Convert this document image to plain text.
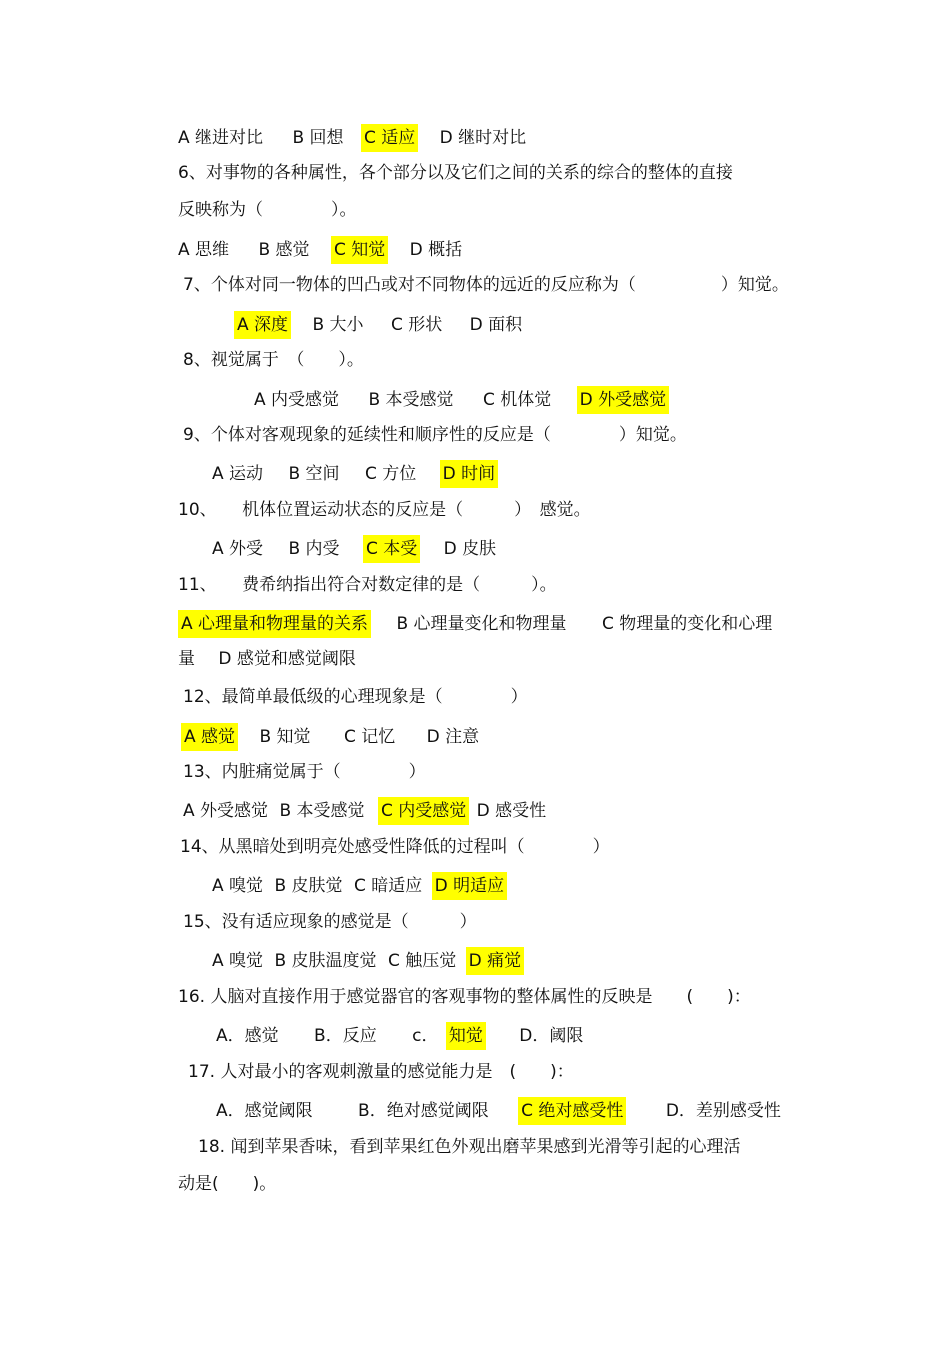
A 继进对比 B 回想 C 适应 D 继时对比
6、对事物的各种属性，各个部分以及它们之间的关系的综合的整体的直接
反映称为（　　　　）。
A 思维 B 感觉 C 知觉 D 概括
7、个体对同一物体的凹凸或对不同物体的远近的反应称为（　　　　　）知觉。
A 深度 B 大小 C 形状 D 面积
8、视觉属于　（　　）。
A 内受感觉 B 本受感觉 C 机体觉 D 外受感觉
9、个体对客观现象的延续性和顺序性的反应是（　　　　）知觉。
A 运动 B 空间 C 方位 D 时间
10、　　机体位置运动状态的反应是（　　　）　感觉。
A 外受 B 内受 C 本受 D 皮肤
11、　　费希纳指出符合对数定律的是（　　　）。
A 心理量和物理量的关系 B 心理量变化和物理量 C 物理量的变化和心理
量 D 感觉和感觉阈限
12、最简单最低级的心理现象是（　　　　）
A 感觉 B 知觉 C 记忆 D 注意
13、内脏痛觉属于（　　　　）
A 外受感觉 B 本受感觉 C 内受感觉 D 感受性
14、从黑暗处到明亮处感受性降低的过程叫（　　　　）
A 嗅觉 B 皮肤觉 C 暗适应 D 明适应
15、没有适应现象的感觉是（　　　）
A 嗅觉 B 皮肤温度觉 C 触压觉 D 痛觉
16. 人脑对直接作用于感觉器官的客观事物的整体属性的反映是　　(　　)：
A．感觉 B．反应 c． 知觉 D．阈限
17. 人对最小的客观刺激量的感觉能力是　(　　)：
A．感觉阈限	B．绝对感觉阈限 C 绝对感受性 D．差别感受性
18. 闻到苹果香味，看到苹果红色外观出磨苹果感到光滑等引起的心理活
动是(　　)。
